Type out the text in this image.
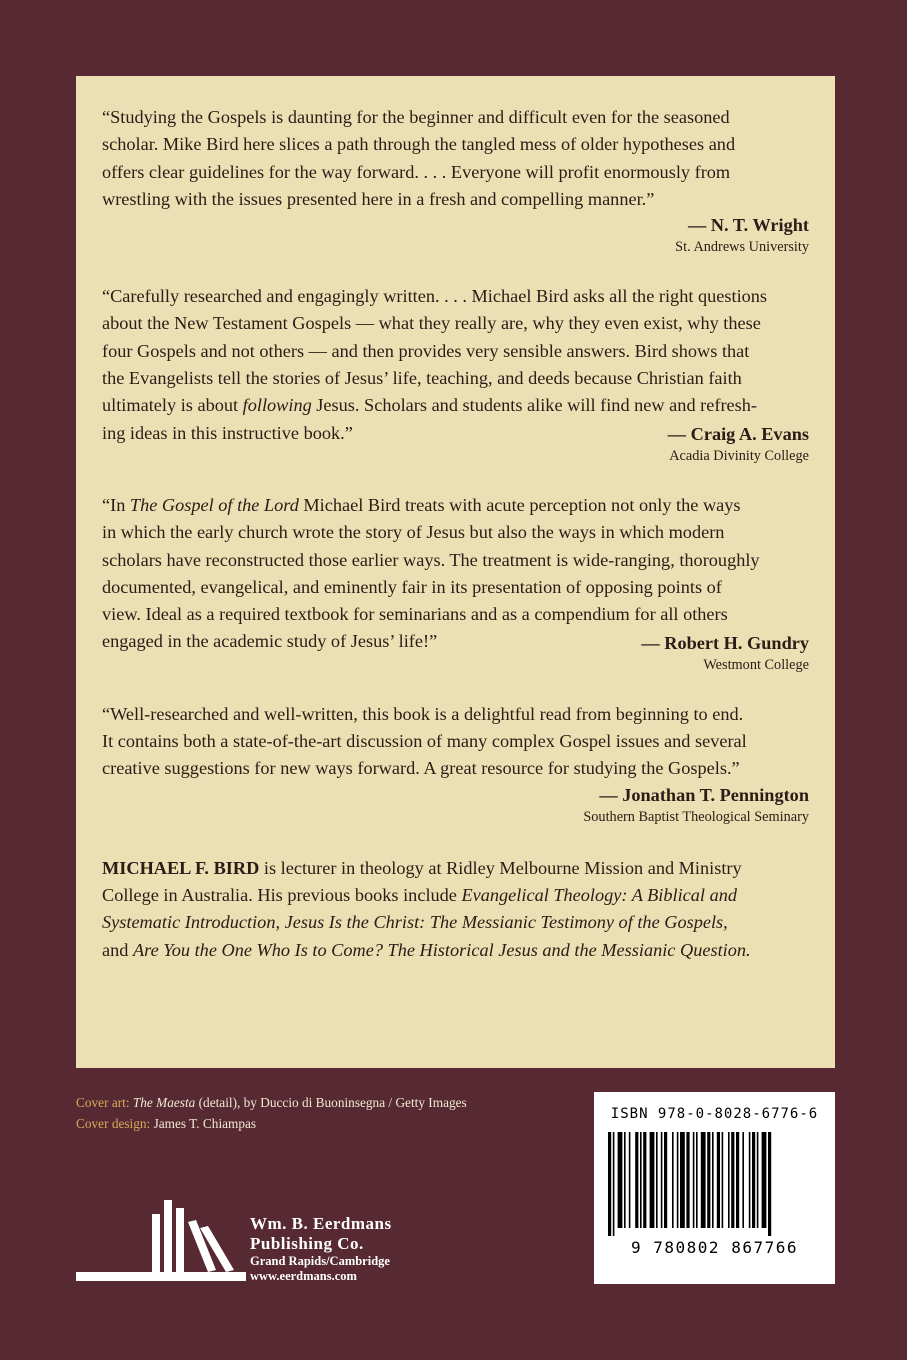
“Studying the Gospels is daunting for the beginner and difficult even for the seasoned
scholar. Mike Bird here slices a path through the tangled mess of older hypotheses and
offers clear guidelines for the way forward. . . . Everyone will profit enormously from
wrestling with the issues presented here in a fresh and compelling manner.”

— N. T. Wright
St. Andrews University

“Carefully researched and engagingly written. . . . Michael Bird asks all the right questions
about the New Testament Gospels — what they really are, why they even exist, why these
four Gospels and not others — and then provides very sensible answers. Bird shows that
the Evangelists tell the stories of Jesus’ life, teaching, and deeds because Christian faith
ultimately is about following Jesus. Scholars and students alike will find new and refresh-
ing ideas in this instructive book.”	— Craig A. Evans
Acadia Divinity College

“In The Gospel of the Lord Michael Bird treats with acute perception not only the ways
in which the early church wrote the story of Jesus but also the ways in which modern
scholars have reconstructed those earlier ways. The treatment is wide-ranging, thoroughly
documented, evangelical, and eminently fair in its presentation of opposing points of
view. Ideal as a required textbook for seminarians and as a compendium for all others
engaged in the academic study of Jesus’ life!”	— Robert H. Gundry
Westmont College

“Well-researched and well-written, this book is a delightful read from beginning to end.
It contains both a state-of-the-art discussion of many complex Gospel issues and several
creative suggestions for new ways forward. A great resource for studying the Gospels.”

— Jonathan T. Pennington
Southern Baptist Theological Seminary

MICHAEL F. BIRD is lecturer in theology at Ridley Melbourne Mission and Ministry
College in Australia. His previous books include Evangelical Theology: A Biblical and
Systematic Introduction, Jesus Is the Christ: The Messianic Testimony of the Gospels,
and Are You the One Who Is to Come? The Historical Jesus and the Messianic Question.

Cover art: The Maesta (detail), by Duccio di Buoninsegna / Getty Images
Cover design: James T. Chiampas
ISBN 978-0-8028-6776-6
9 780802 867766
Wm. B. Eerdmans
Publishing Co.
Grand Rapids/Cambridge
www.eerdmans.com
